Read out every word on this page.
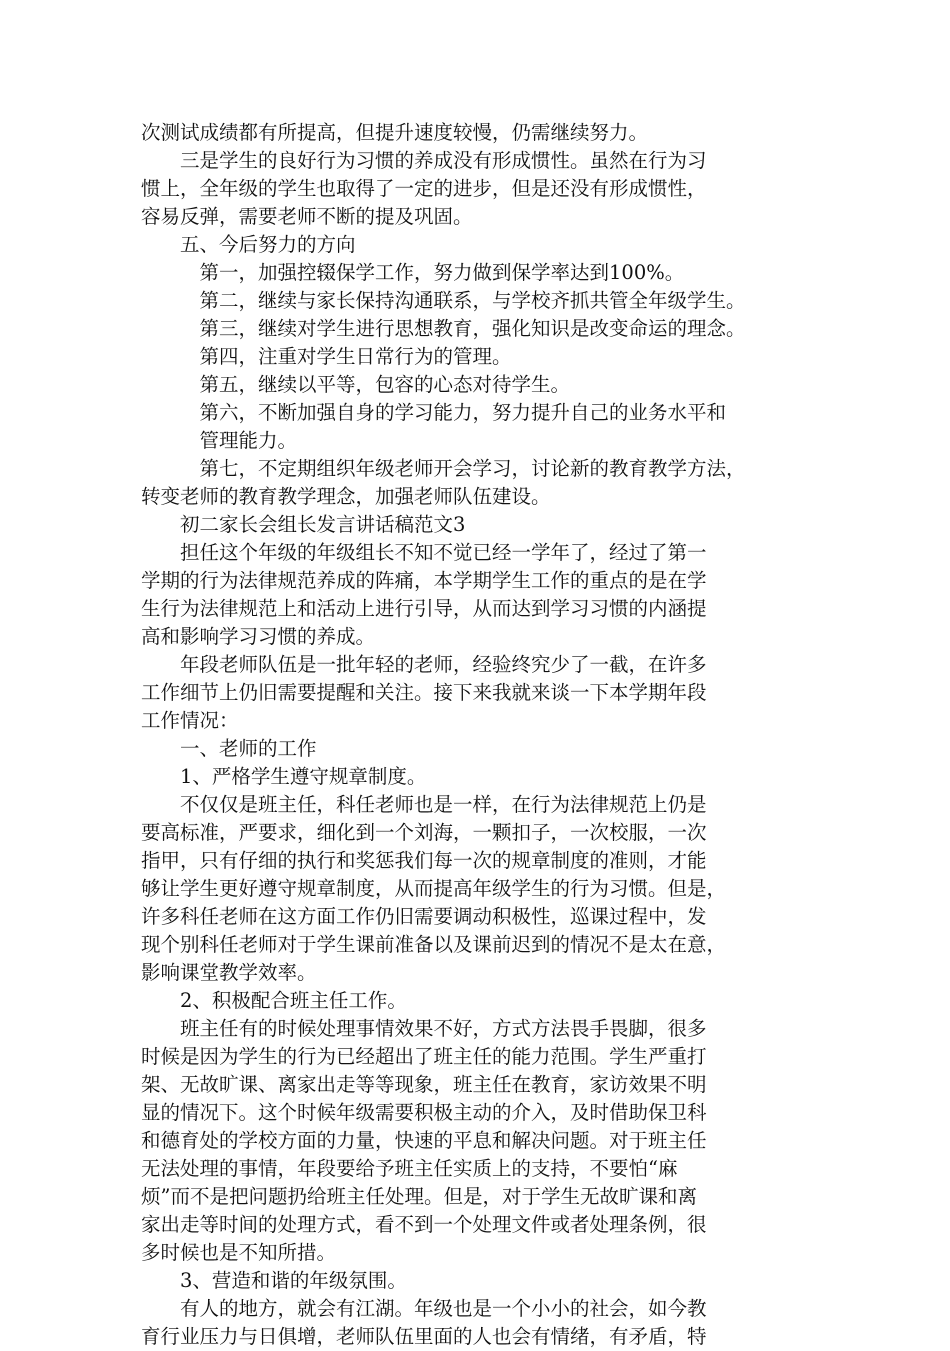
次测试成绩都有所提高，但提升速度较慢，仍需继续努力。
三是学生的良好行为习惯的养成没有形成惯性。虽然在行为习
惯上，全年级的学生也取得了一定的进步，但是还没有形成惯性，
容易反弹，需要老师不断的提及巩固。
五、今后努力的方向
第一，加强控辍保学工作，努力做到保学率达到100%。
第二，继续与家长保持沟通联系，与学校齐抓共管全年级学生。
第三，继续对学生进行思想教育，强化知识是改变命运的理念。
第四，注重对学生日常行为的管理。
第五，继续以平等，包容的心态对待学生。
第六，不断加强自身的学习能力，努力提升自己的业务水平和
管理能力。
第七，不定期组织年级老师开会学习，讨论新的教育教学方法，
转变老师的教育教学理念，加强老师队伍建设。
初二家长会组长发言讲话稿范文3
担任这个年级的年级组长不知不觉已经一学年了，经过了第一
学期的行为法律规范养成的阵痛，本学期学生工作的重点的是在学
生行为法律规范上和活动上进行引导，从而达到学习习惯的内涵提
高和影响学习习惯的养成。
年段老师队伍是一批年轻的老师，经验终究少了一截，在许多
工作细节上仍旧需要提醒和关注。接下来我就来谈一下本学期年段
工作情况：
一、老师的工作
1、严格学生遵守规章制度。
不仅仅是班主任，科任老师也是一样，在行为法律规范上仍是
要高标准，严要求，细化到一个刘海，一颗扣子，一次校服，一次
指甲，只有仔细的执行和奖惩我们每一次的规章制度的准则，才能
够让学生更好遵守规章制度，从而提高年级学生的行为习惯。但是，
许多科任老师在这方面工作仍旧需要调动积极性，巡课过程中，发
现个别科任老师对于学生课前准备以及课前迟到的情况不是太在意，
影响课堂教学效率。
2、积极配合班主任工作。
班主任有的时候处理事情效果不好，方式方法畏手畏脚，很多
时候是因为学生的行为已经超出了班主任的能力范围。学生严重打
架、无故旷课、离家出走等等现象，班主任在教育，家访效果不明
显的情况下。这个时候年级需要积极主动的介入，及时借助保卫科
和德育处的学校方面的力量，快速的平息和解决问题。对于班主任
无法处理的事情，年段要给予班主任实质上的支持，不要怕“麻
烦”而不是把问题扔给班主任处理。但是，对于学生无故旷课和离
家出走等时间的处理方式，看不到一个处理文件或者处理条例，很
多时候也是不知所措。
3、营造和谐的年级氛围。
有人的地方，就会有江湖。年级也是一个小小的社会，如今教
育行业压力与日俱增，老师队伍里面的人也会有情绪，有矛盾，特
